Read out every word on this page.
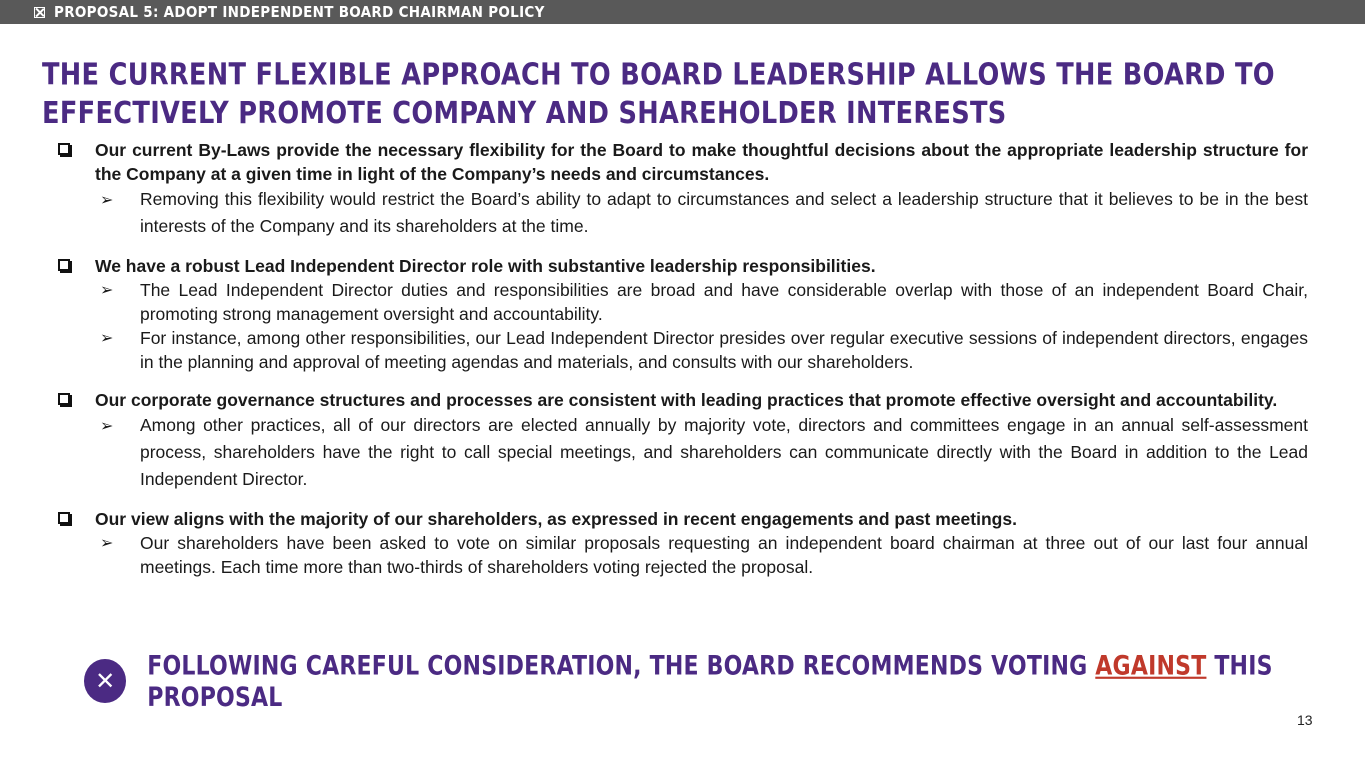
PROPOSAL 5: ADOPT INDEPENDENT BOARD CHAIRMAN POLICY
THE CURRENT FLEXIBLE APPROACH TO BOARD LEADERSHIP ALLOWS THE BOARD TO EFFECTIVELY PROMOTE COMPANY AND SHAREHOLDER INTERESTS
Our current By-Laws provide the necessary flexibility for the Board to make thoughtful decisions about the appropriate leadership structure for the Company at a given time in light of the Company’s needs and circumstances.
➢	Removing this flexibility would restrict the Board’s ability to adapt to circumstances and select a leadership structure that it believes to be in the best interests of the Company and its shareholders at the time.
We have a robust Lead Independent Director role with substantive leadership responsibilities.
➢	The Lead Independent Director duties and responsibilities are broad and have considerable overlap with those of an independent Board Chair, promoting strong management oversight and accountability.
➢	For instance, among other responsibilities, our Lead Independent Director presides over regular executive sessions of independent directors, engages in the planning and approval of meeting agendas and materials, and consults with our shareholders.
Our corporate governance structures and processes are consistent with leading practices that promote effective oversight and accountability.
➢	Among other practices, all of our directors are elected annually by majority vote, directors and committees engage in an annual self-assessment process, shareholders have the right to call special meetings, and shareholders can communicate directly with the Board in addition to the Lead Independent Director.
Our view aligns with the majority of our shareholders, as expressed in recent engagements and past meetings.
➢	Our shareholders have been asked to vote on similar proposals requesting an independent board chairman at three out of our last four annual meetings. Each time more than two-thirds of shareholders voting rejected the proposal.
✕	FOLLOWING CAREFUL CONSIDERATION, THE BOARD RECOMMENDS VOTING AGAINST THIS PROPOSAL
13
